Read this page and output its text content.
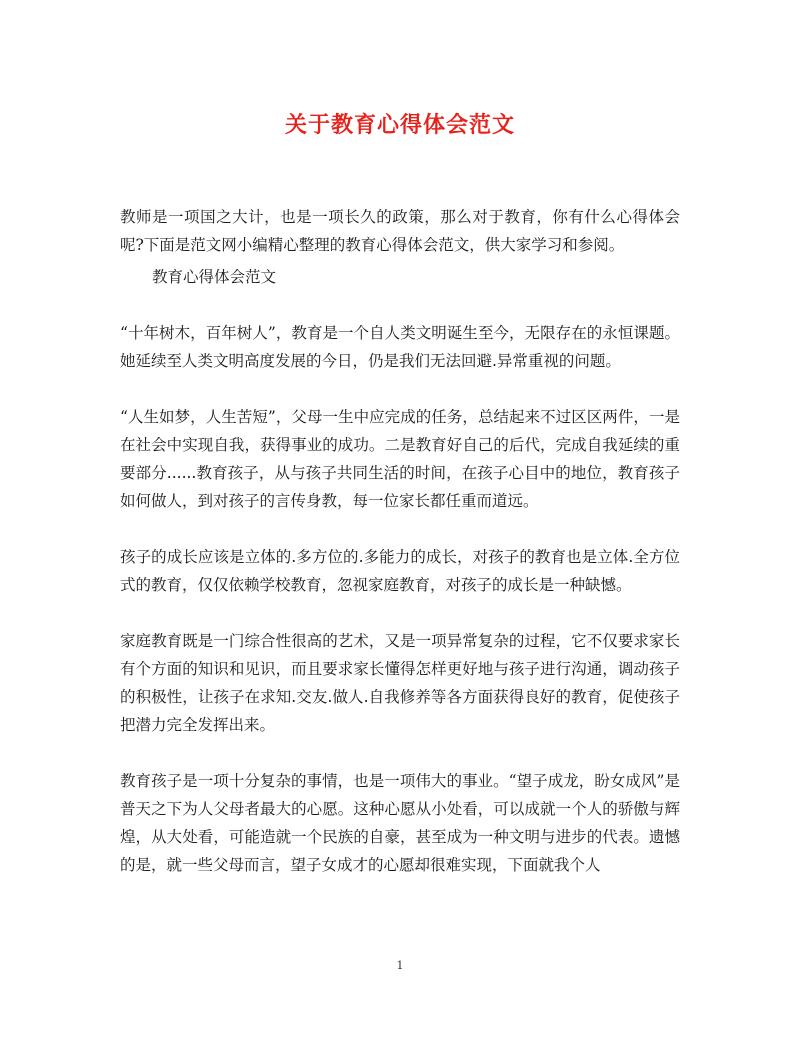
关于教育心得体会范文

教师是一项国之大计，也是一项长久的政策，那么对于教育，你有什么心得体会呢?下面是范文网小编精心整理的教育心得体会范文，供大家学习和参阅。

教育心得体会范文

“十年树木，百年树人”，教育是一个自人类文明诞生至今，无限存在的永恒课题。她延续至人类文明高度发展的今日，仍是我们无法回避.异常重视的问题。

“人生如梦，人生苦短”，父母一生中应完成的任务，总结起来不过区区两件，一是在社会中实现自我，获得事业的成功。二是教育好自己的后代，完成自我延续的重要部分......教育孩子，从与孩子共同生活的时间，在孩子心目中的地位，教育孩子如何做人，到对孩子的言传身教，每一位家长都任重而道远。

孩子的成长应该是立体的.多方位的.多能力的成长，对孩子的教育也是立体.全方位式的教育，仅仅依赖学校教育，忽视家庭教育，对孩子的成长是一种缺憾。

家庭教育既是一门综合性很高的艺术，又是一项异常复杂的过程，它不仅要求家长有个方面的知识和见识，而且要求家长懂得怎样更好地与孩子进行沟通，调动孩子的积极性，让孩子在求知.交友.做人.自我修养等各方面获得良好的教育，促使孩子把潜力完全发挥出来。

教育孩子是一项十分复杂的事情，也是一项伟大的事业。“望子成龙，盼女成风”是普天之下为人父母者最大的心愿。这种心愿从小处看，可以成就一个人的骄傲与辉煌，从大处看，可能造就一个民族的自豪，甚至成为一种文明与进步的代表。遗憾的是，就一些父母而言，望子女成才的心愿却很难实现，下面就我个人

1
